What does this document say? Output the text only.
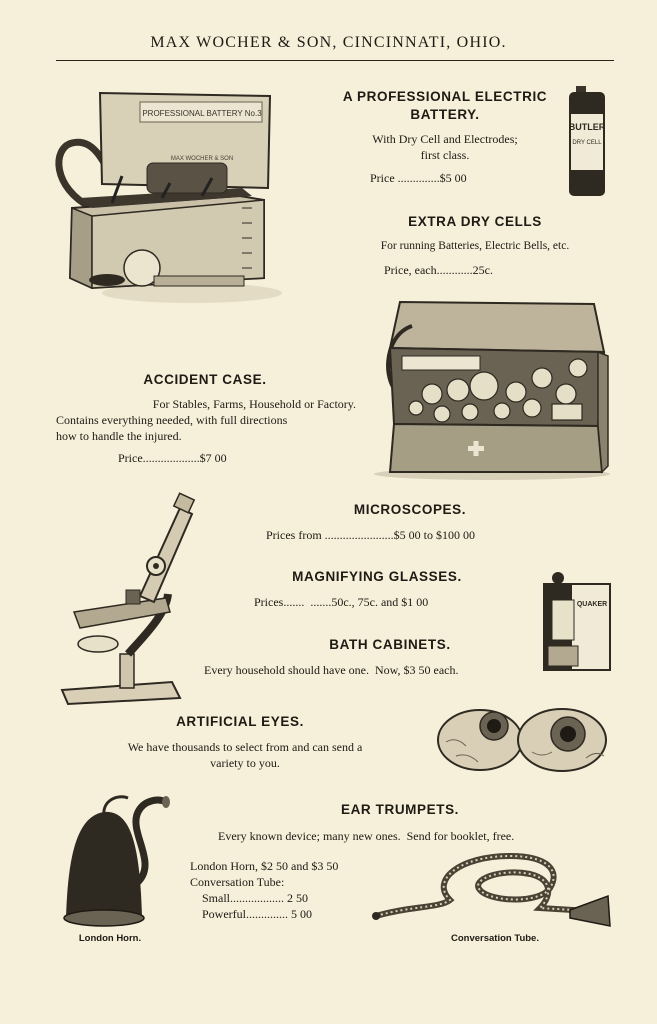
MAX WOCHER & SON, CINCINNATI, OHIO.
PROFESSIONAL BATTERY No.3
MAX WOCHER & SON
A PROFESSIONAL ELECTRIC
BATTERY.
With Dry Cell and Electrodes;
first class.
Price ..............$5 00
BUTLER
DRY CELL
EXTRA DRY CELLS
For running Batteries, Electric Bells, etc.
Price, each............25c.
ACCIDENT CASE.
For Stables, Farms, Household or Factory.
Contains everything needed, with full directions
how to handle the injured.
Price...................$7 00
MICROSCOPES.
Prices from .......................$5 00 to $100 00
MAGNIFYING GLASSES.
Prices.......  .......50c., 75c. and $1 00	QUAKER
BATH CABINETS.
Every household should have one.  Now, $3 50 each.
ARTIFICIAL EYES.
We have thousands to select from and can send a
variety to you.
EAR TRUMPETS.
Every known device; many new ones.  Send for booklet, free.
London Horn, $2 50 and $3 50
Conversation Tube:
Small.................. 2 50
Powerful.............. 5 00
London Horn.	Conversation Tube.
